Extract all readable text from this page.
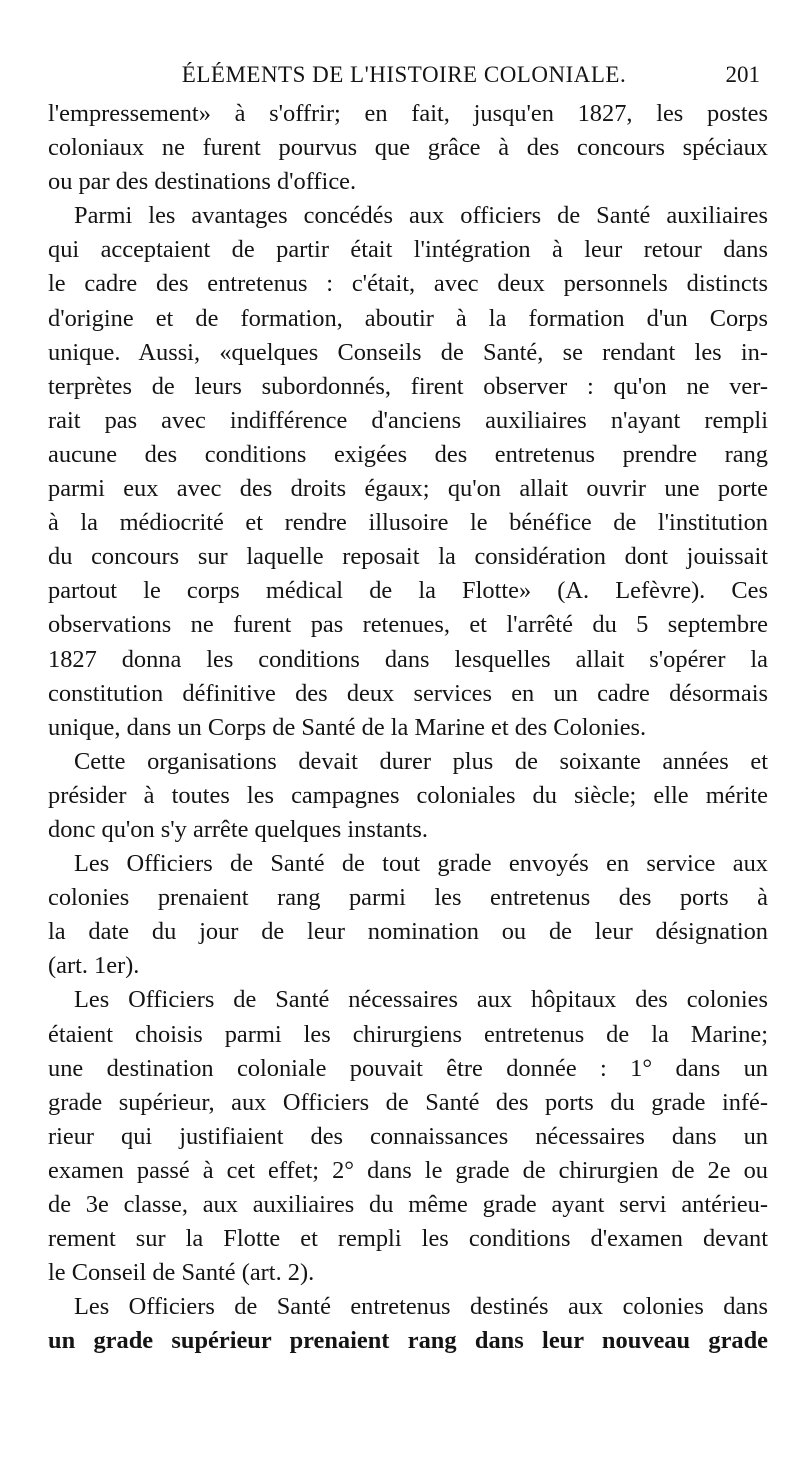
ÉLÉMENTS DE L'HISTOIRE COLONIALE.	201
l'empressement» à s'offrir; en fait, jusqu'en 1827, les postes
coloniaux ne furent pourvus que grâce à des concours spéciaux
ou par des destinations d'office.
Parmi les avantages concédés aux officiers de Santé auxiliaires
qui acceptaient de partir était l'intégration à leur retour dans
le cadre des entretenus : c'était, avec deux personnels distincts
d'origine et de formation, aboutir à la formation d'un Corps
unique. Aussi, «quelques Conseils de Santé, se rendant les in-
terprètes de leurs subordonnés, firent observer : qu'on ne ver-
rait pas avec indifférence d'anciens auxiliaires n'ayant rempli
aucune des conditions exigées des entretenus prendre rang
parmi eux avec des droits égaux; qu'on allait ouvrir une porte
à la médiocrité et rendre illusoire le bénéfice de l'institution
du concours sur laquelle reposait la considération dont jouissait
partout le corps médical de la Flotte» (A. Lefèvre). Ces
observations ne furent pas retenues, et l'arrêté du 5 septembre
1827 donna les conditions dans lesquelles allait s'opérer la
constitution définitive des deux services en un cadre désormais
unique, dans un Corps de Santé de la Marine et des Colonies.
Cette organisations devait durer plus de soixante années et
présider à toutes les campagnes coloniales du siècle; elle mérite
donc qu'on s'y arrête quelques instants.
Les Officiers de Santé de tout grade envoyés en service aux
colonies prenaient rang parmi les entretenus des ports à
la date du jour de leur nomination ou de leur désignation
(art. 1er).
Les Officiers de Santé nécessaires aux hôpitaux des colonies
étaient choisis parmi les chirurgiens entretenus de la Marine;
une destination coloniale pouvait être donnée : 1° dans un
grade supérieur, aux Officiers de Santé des ports du grade infé-
rieur qui justifiaient des connaissances nécessaires dans un
examen passé à cet effet; 2° dans le grade de chirurgien de 2e ou
de 3e classe, aux auxiliaires du même grade ayant servi antérieu-
rement sur la Flotte et rempli les conditions d'examen devant
le Conseil de Santé (art. 2).
Les Officiers de Santé entretenus destinés aux colonies dans
un grade supérieur prenaient rang dans leur nouveau grade
